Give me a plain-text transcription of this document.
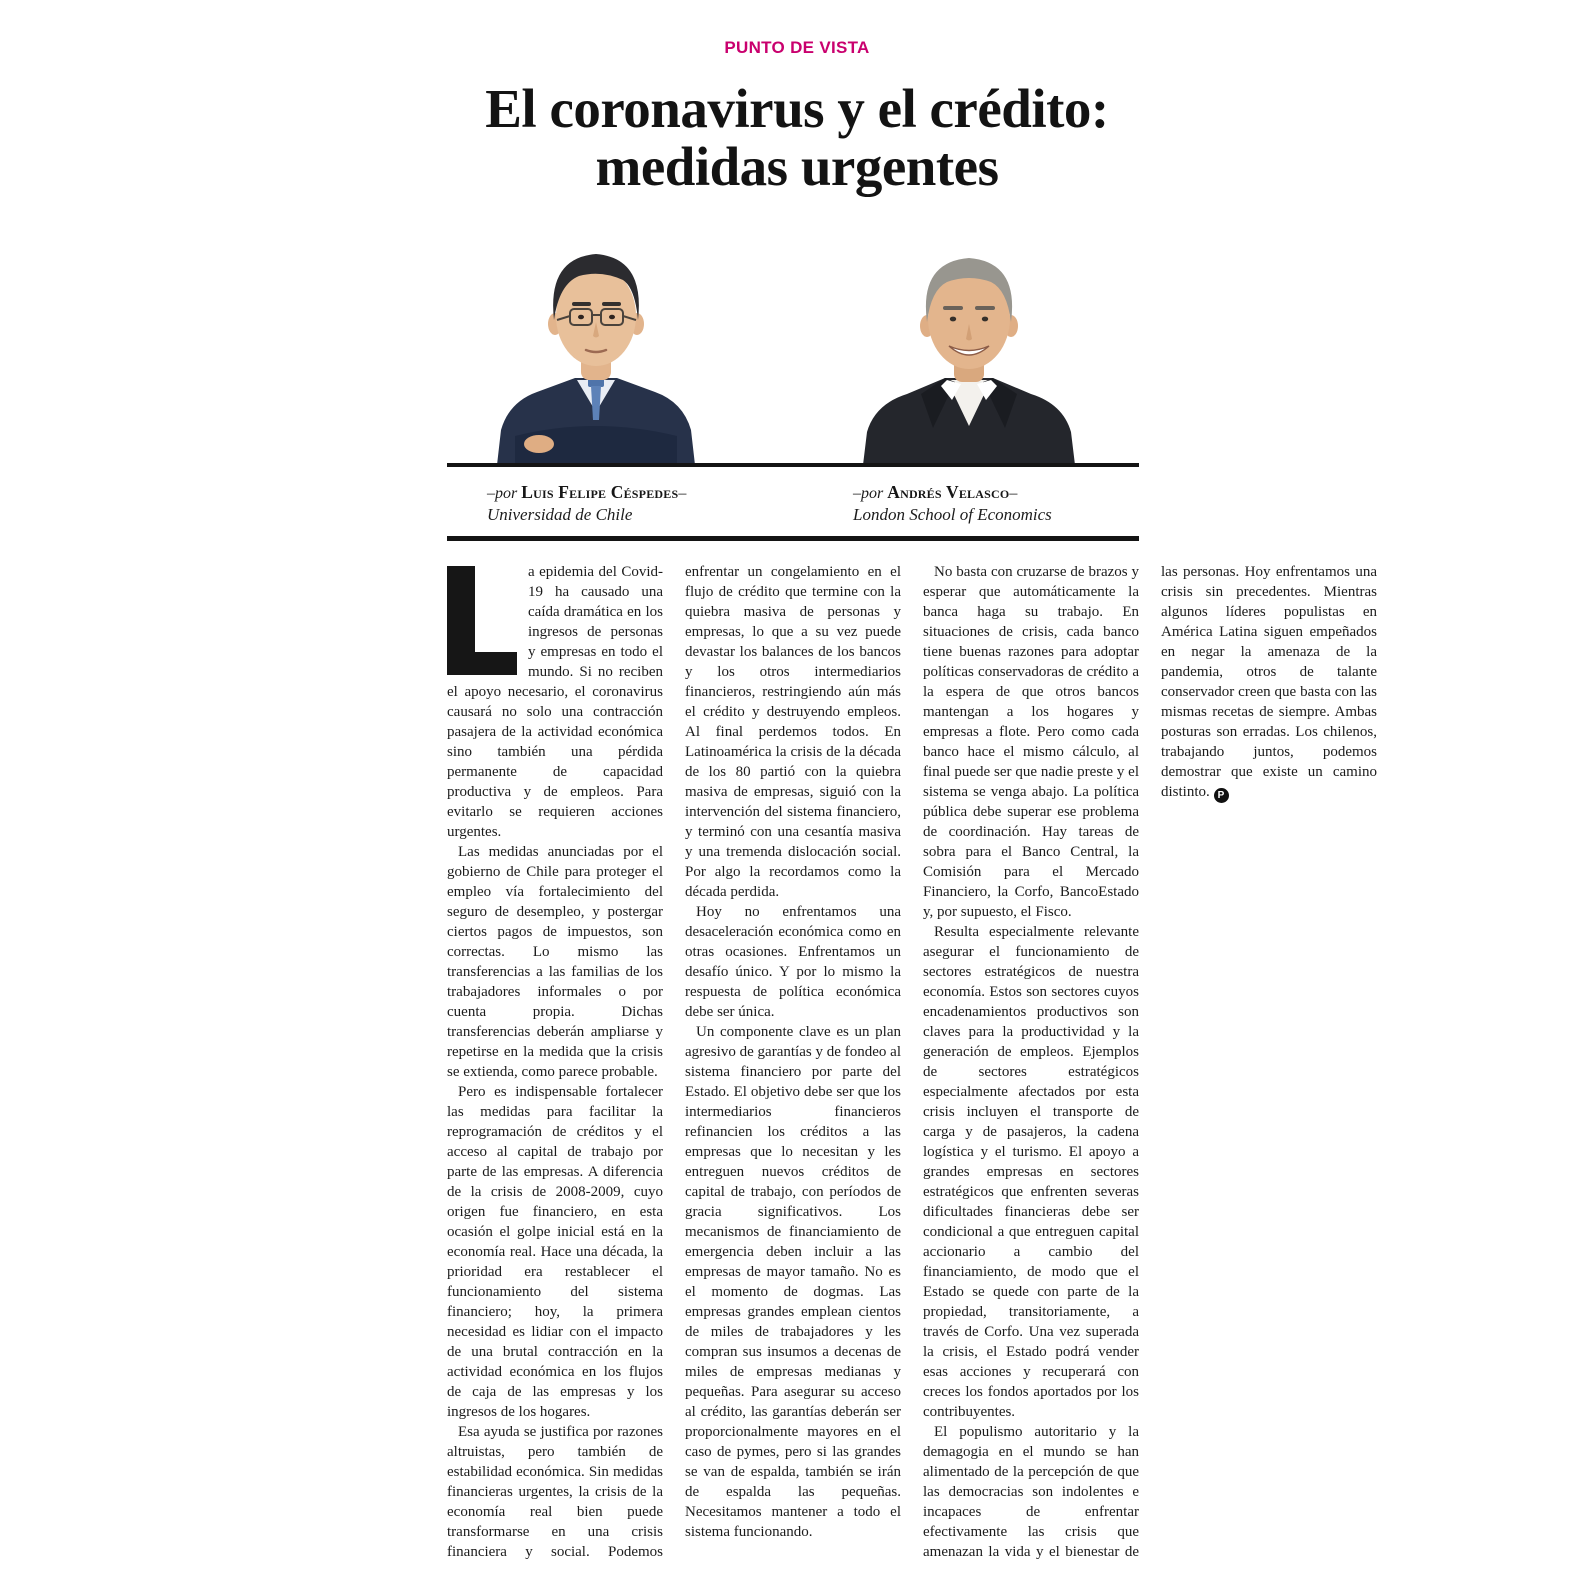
PUNTO DE VISTA
El coronavirus y el crédito:
medidas urgentes
–por Luis Felipe Céspedes–
Universidad de Chile
–por Andrés Velasco–
London School of Economics

a epidemia del Covid-19 ha causado una caída dramática en los ingresos de personas y empresas en todo el mundo. Si no reciben el apoyo necesario, el coronavirus causará no solo una contracción pasajera de la actividad económica sino también una pérdida permanente de capacidad productiva y de empleos. Para evitarlo se requieren acciones urgentes.

Las medidas anunciadas por el gobierno de Chile para proteger el empleo vía fortalecimiento del seguro de desempleo, y postergar ciertos pagos de impuestos, son correctas. Lo mismo las transferencias a las familias de los trabajadores informales o por cuenta propia. Dichas transferencias deberán ampliarse y repetirse en la medida que la crisis se extienda, como parece probable.

Pero es indispensable fortalecer las medidas para facilitar la reprogramación de créditos y el acceso al capital de trabajo por parte de las empresas. A diferencia de la crisis de 2008-2009, cuyo origen fue financiero, en esta ocasión el golpe inicial está en la economía real. Hace una década, la prioridad era restablecer el funcionamiento del sistema financiero; hoy, la primera necesidad es lidiar con el impacto de una brutal contracción en la actividad económica en los flujos de caja de las empresas y los ingresos de los hogares.

Esa ayuda se justifica por razones altruistas, pero también de estabilidad económica. Sin medidas financieras urgentes, la crisis de la economía real bien puede transformarse en una crisis financiera y social. Podemos enfrentar un congelamiento en el flujo de crédito que termine con la quiebra masiva de personas y empresas, lo que a su vez puede devastar los balances de los bancos y los otros intermediarios financieros, restringiendo aún más el crédito y destruyendo empleos. Al final perdemos todos. En Latinoamérica la crisis de la década de los 80 partió con la quiebra masiva de empresas, siguió con la intervención del sistema financiero, y terminó con una cesantía masiva y una tremenda dislocación social. Por algo la recordamos como la década perdida.

Hoy no enfrentamos una desaceleración económica como en otras ocasiones. Enfrentamos un desafío único. Y por lo mismo la respuesta de política económica debe ser única.

Un componente clave es un plan agresivo de garantías y de fondeo al sistema financiero por parte del Estado. El objetivo debe ser que los intermediarios financieros refinancien los créditos a las empresas que lo necesitan y les entreguen nuevos créditos de capital de trabajo, con períodos de gracia significativos. Los mecanismos de financiamiento de emergencia deben incluir a las empresas de mayor tamaño. No es el momento de dogmas. Las empresas grandes emplean cientos de miles de trabajadores y les compran sus insumos a decenas de miles de empresas medianas y pequeñas. Para asegurar su acceso al crédito, las garantías deberán ser proporcionalmente mayores en el caso de pymes, pero si las grandes se van de espalda, también se irán de espalda las pequeñas. Necesitamos mantener a todo el sistema funcionando.

No basta con cruzarse de brazos y esperar que automáticamente la banca haga su trabajo. En situaciones de crisis, cada banco tiene buenas razones para adoptar políticas conservadoras de crédito a la espera de que otros bancos mantengan a los hogares y empresas a flote. Pero como cada banco hace el mismo cálculo, al final puede ser que nadie preste y el sistema se venga abajo. La política pública debe superar ese problema de coordinación. Hay tareas de sobra para el Banco Central, la Comisión para el Mercado Financiero, la Corfo, BancoEstado y, por supuesto, el Fisco.

Resulta especialmente relevante asegurar el funcionamiento de sectores estratégicos de nuestra economía. Estos son sectores cuyos encadenamientos productivos son claves para la productividad y la generación de empleos. Ejemplos de sectores estratégicos especialmente afectados por esta crisis incluyen el transporte de carga y de pasajeros, la cadena logística y el turismo. El apoyo a grandes empresas en sectores estratégicos que enfrenten severas dificultades financieras debe ser condicional a que entreguen capital accionario a cambio del financiamiento, de modo que el Estado se quede con parte de la propiedad, transitoriamente, a través de Corfo. Una vez superada la crisis, el Estado podrá vender esas acciones y recuperará con creces los fondos aportados por los contribuyentes.

El populismo autoritario y la demagogia en el mundo se han alimentado de la percepción de que las democracias son indolentes e incapaces de enfrentar efectivamente las crisis que amenazan la vida y el bienestar de las personas. Hoy enfrentamos una crisis sin precedentes. Mientras algunos líderes populistas en América Latina siguen empeñados en negar la amenaza de la pandemia, otros de talante conservador creen que basta con las mismas recetas de siempre. Ambas posturas son erradas. Los chilenos, trabajando juntos, podemos demostrar que existe un camino distinto. P
